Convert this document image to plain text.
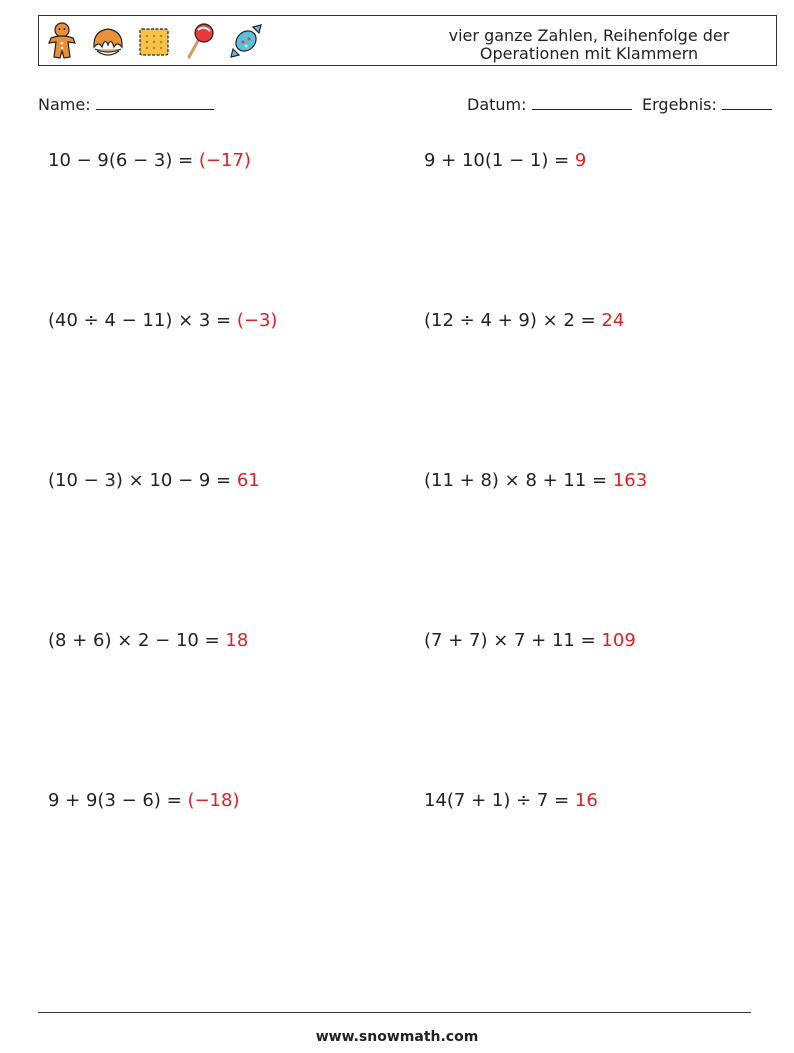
vier ganze Zahlen, Reihenfolge der
Operationen mit Klammern
Name:	Datum:	Ergebnis:
10 − 9(6 − 3) = (−17)	9 + 10(1 − 1) = 9
(40 ÷ 4 − 11) × 3 = (−3)	(12 ÷ 4 + 9) × 2 = 24
(10 − 3) × 10 − 9 = 61	(11 + 8) × 8 + 11 = 163
(8 + 6) × 2 − 10 = 18	(7 + 7) × 7 + 11 = 109
9 + 9(3 − 6) = (−18)	14(7 + 1) ÷ 7 = 16
www.snowmath.com
